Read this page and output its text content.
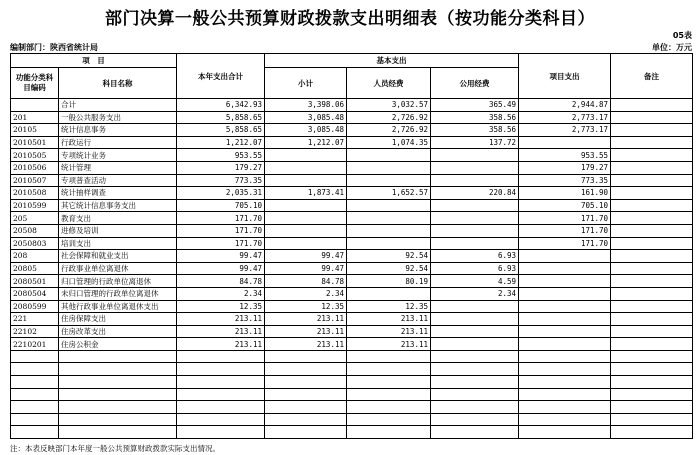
部门决算一般公共预算财政拨款支出明细表（按功能分类科目）
05表
编制部门：陕西省统计局	单位：万元
项　目		本年支出合计	基本支出			项目支出	备注
功能分类科目编码	科目名称		小计	人员经费	公用经费		
	合计	6,342.93	3,398.06	3,032.57	365.49	2,944.87	
201	一般公共服务支出	5,858.65	3,085.48	2,726.92	358.56	2,773.17	
20105	统计信息事务	5,858.65	3,085.48	2,726.92	358.56	2,773.17	
2010501	行政运行	1,212.07	1,212.07	1,074.35	137.72		
2010505	专项统计业务	953.55				953.55	
2010506	统计管理	179.27				179.27	
2010507	专项普查活动	773.35				773.35	
2010508	统计抽样调查	2,035.31	1,873.41	1,652.57	220.84	161.90	
2010599	其它统计信息事务支出	705.10				705.10	
205	教育支出	171.70				171.70	
20508	进修及培训	171.70				171.70	
2050803	培训支出	171.70				171.70	
208	社会保障和就业支出	99.47	99.47	92.54	6.93		
20805	行政事业单位离退休	99.47	99.47	92.54	6.93		
2080501	归口管理的行政单位离退休	84.78	84.78	80.19	4.59		
2080504	未归口管理的行政单位离退休	2.34	2.34		2.34		
2080599	其他行政事业单位离退休支出	12.35	12.35	12.35			
221	住房保障支出	213.11	213.11	213.11			
22102	住房改革支出	213.11	213.11	213.11			
2210201	住房公积金	213.11	213.11	213.11			

注：本表反映部门本年度一般公共预算财政拨款实际支出情况。
